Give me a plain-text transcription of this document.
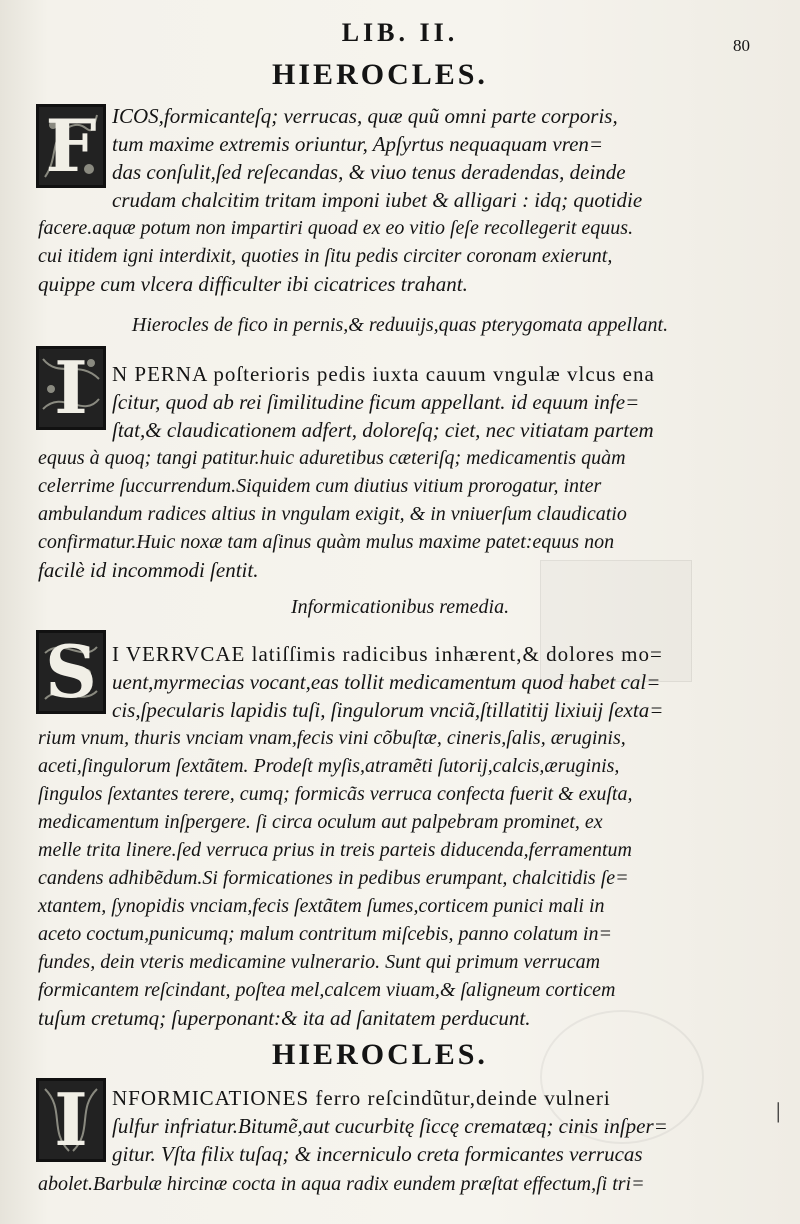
LIB. II.	80
HIEROCLES.
F ICOS,formicanteſq; verrucas, quæ quũ omni parte corporis,
tum maxime extremis oriuntur, Apſyrtus nequaquam vren=
das conſulit,ſed reſecandas, & viuo tenus deradendas, deinde
crudam chalcitim tritam imponi iubet & alligari : idq; quotidie
facere.aquæ potum non impartiri quoad ex eo vitio ſeſe recollegerit equus.
cui itidem igni interdixit, quoties in ſitu pedis circiter coronam exierunt,
quippe cum vlcera difficulter ibi cicatrices trahant.
Hierocles de fico in pernis,& reduuijs,quas pterygomata appellant.
I N PERNA poſterioris pedis iuxta cauum vngulæ vlcus ena
ſcitur, quod ab rei ſimilitudine ficum appellant. id equum infe=
ſtat,& claudicationem adfert, doloreſq; ciet, nec vitiatam partem
equus à quoq; tangi patitur.huic aduretibus cæteriſq; medicamentis quàm
celerrime ſuccurrendum.Siquidem cum diutius vitium prorogatur, inter
ambulandum radices altius in vngulam exigit, & in vniuerſum claudicatio
confirmatur.Huic noxæ tam aſinus quàm mulus maxime patet:equus non
facilè id incommodi ſentit.
Informicationibus remedia.
S I VERRVCAE latiſſimis radicibus inhærent,& dolores mo=
uent,myrmecias vocant,eas tollit medicamentum quod habet cal=
cis,ſpecularis lapidis tuſi, ſingulorum vnciã,ſtillatitij lixiuij ſexta=
rium vnum, thuris vnciam vnam,fecis vini cõbuſtæ, cineris,ſalis, æruginis,
aceti,ſingulorum ſextãtem. Prodeſt myſis,atramẽti ſutorij,calcis,æruginis,
ſingulos ſextantes terere, cumq; formicãs verruca confecta fuerit & exuſta,
medicamentum inſpergere. ſi circa oculum aut palpebram prominet, ex
melle trita linere.ſed verruca prius in treis parteis diducenda,ferramentum
candens adhibẽdum.Si formicationes in pedibus erumpant, chalcitidis ſe=
xtantem, ſynopidis vnciam,fecis ſextãtem ſumes,corticem punici mali in
aceto coctum,punicumq; malum contritum miſcebis, panno colatum in=
fundes, dein vteris medicamine vulnerario. Sunt qui primum verrucam
formicantem reſcindant, poſtea mel,calcem viuam,& ſaligneum corticem
tuſum cretumq; ſuperponant:& ita ad ſanitatem perducunt.
HIEROCLES.
I NFORMICATIONES ferro reſcindũtur,deinde vulneri
ſulfur infriatur.Bitumẽ,aut cucurbitę ſiccę crematæq; cinis inſper=
gitur. Vſta filix tuſaq; & incerniculo creta formicantes verrucas
abolet.Barbulæ hircinæ cocta in aqua radix eundem præſtat effectum,ſi tri=
|
